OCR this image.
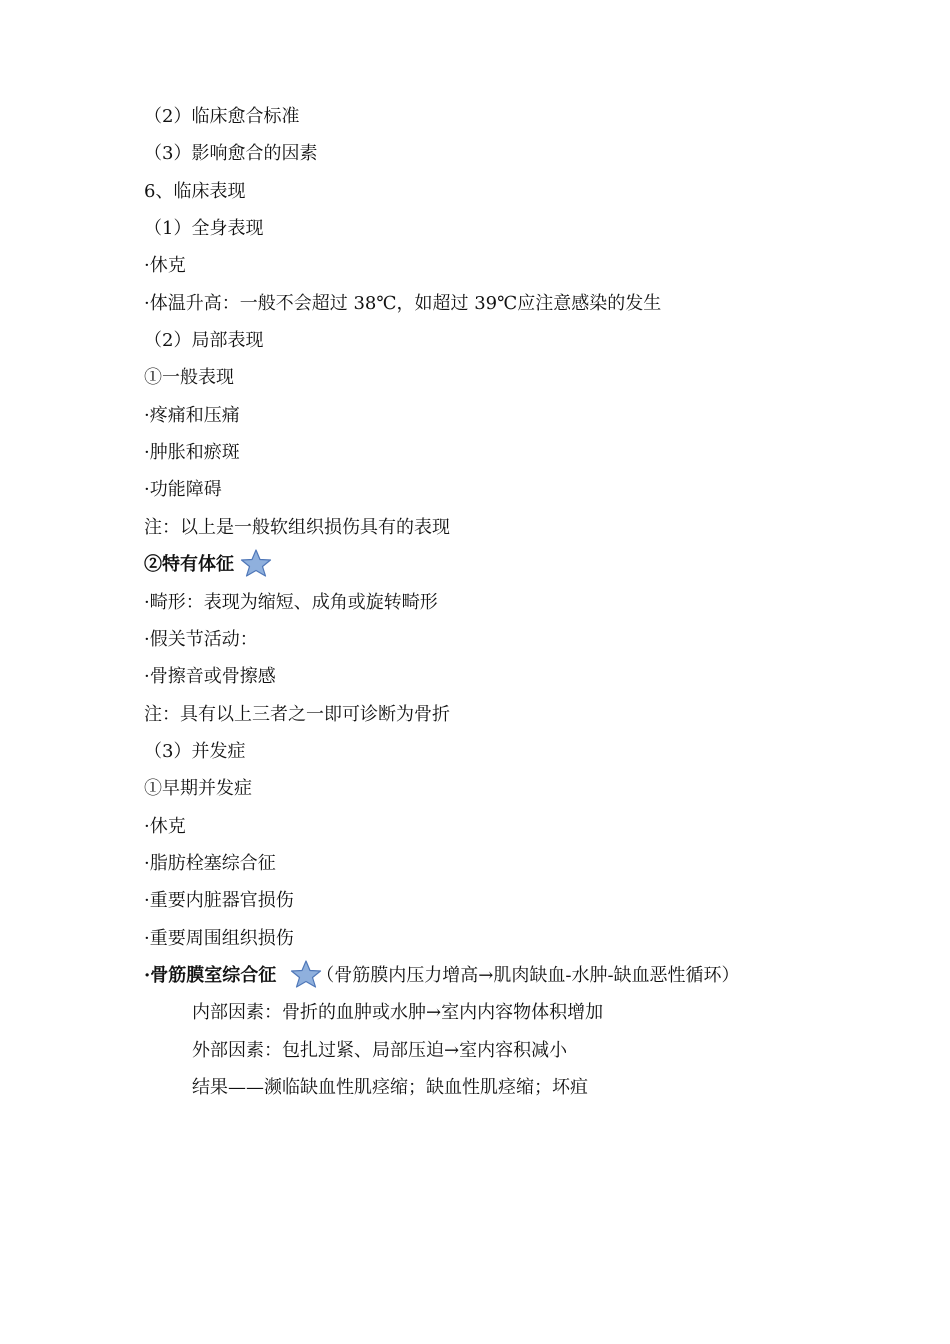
（2）临床愈合标准
（3）影响愈合的因素
6、临床表现
（1）全身表现
·休克
·体温升高：一般不会超过 38℃，如超过 39℃应注意感染的发生
（2）局部表现
①一般表现
·疼痛和压痛
·肿胀和瘀斑
·功能障碍
注：以上是一般软组织损伤具有的表现
②特有体征
·畸形：表现为缩短、成角或旋转畸形
·假关节活动：
·骨擦音或骨擦感
注：具有以上三者之一即可诊断为骨折
（3）并发症
①早期并发症
·休克
·脂肪栓塞综合征
·重要内脏器官损伤
·重要周围组织损伤
·骨筋膜室综合征 （骨筋膜内压力增高→肌肉缺血-水肿-缺血恶性循环）
内部因素：骨折的血肿或水肿→室内内容物体积增加
外部因素：包扎过紧、局部压迫→室内容积减小
结果——濒临缺血性肌痉缩；缺血性肌痉缩；坏疽
